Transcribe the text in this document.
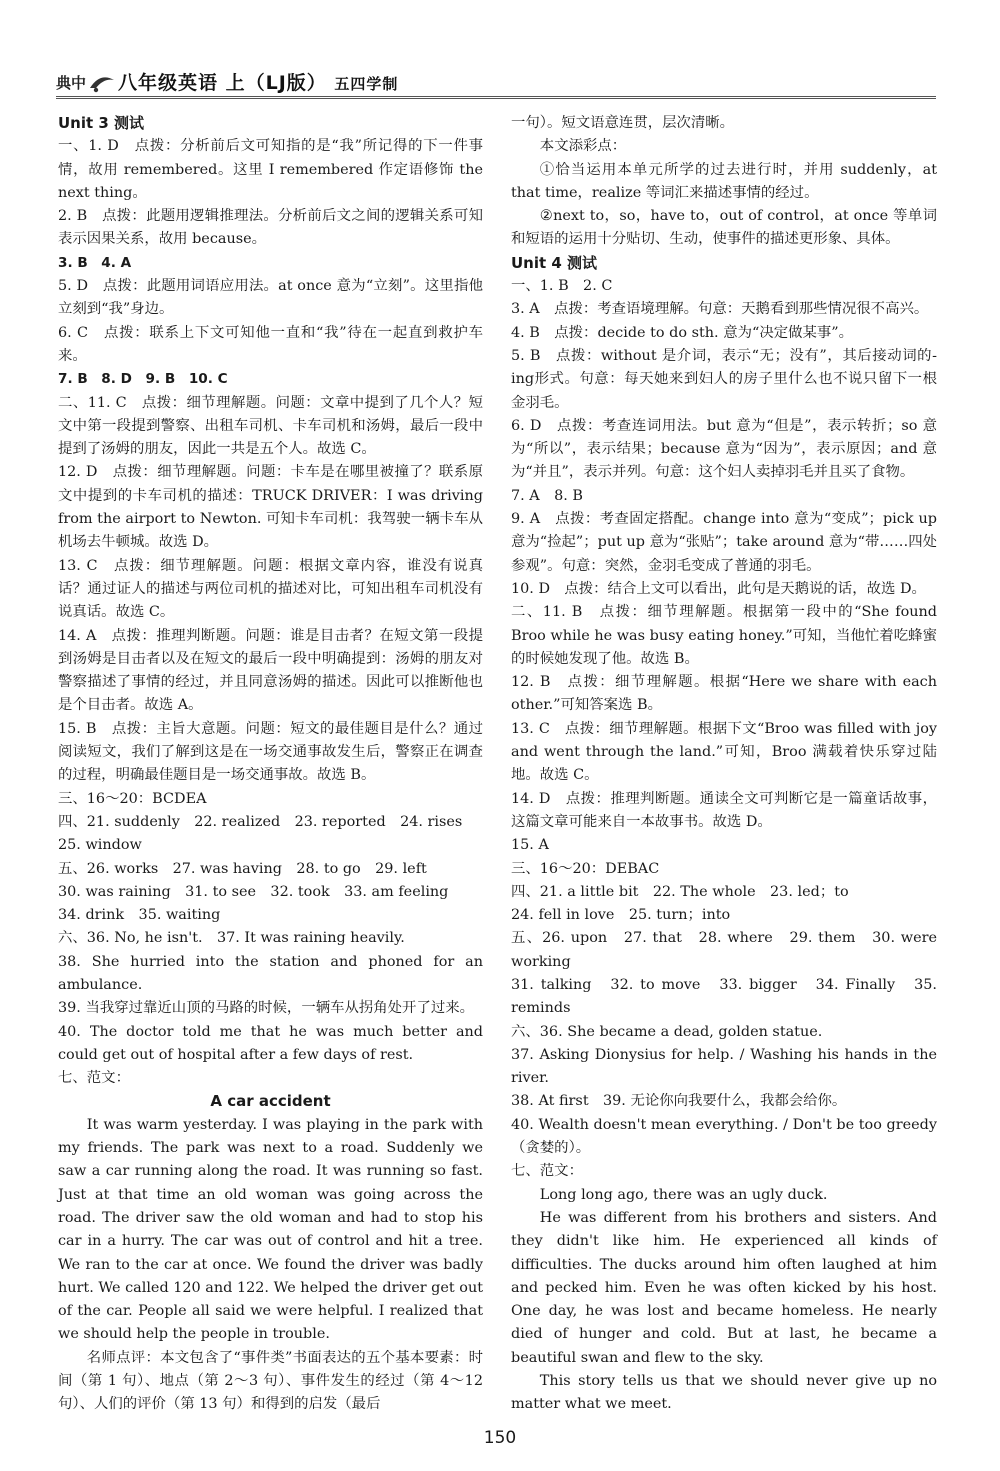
典中 八年级英语 上（LJ版） 五四学制

Unit 3 测试

一、1. D　点拨：分析前后文可知指的是“我”所记得的下一件事情，故用 remembered。这里 I remembered 作定语修饰 the next thing。

2. B　点拨：此题用逻辑推理法。分析前后文之间的逻辑关系可知表示因果关系，故用 because。

3. B　4. A

5. D　点拨：此题用词语应用法。at once 意为“立刻”。这里指他立刻到“我”身边。

6. C　点拨：联系上下文可知他一直和“我”待在一起直到救护车来。

7. B　8. D　9. B　10. C

二、11. C　点拨：细节理解题。问题：文章中提到了几个人？短文中第一段提到警察、出租车司机、卡车司机和汤姆，最后一段中提到了汤姆的朋友，因此一共是五个人。故选 C。

12. D　点拨：细节理解题。问题：卡车是在哪里被撞了？联系原文中提到的卡车司机的描述：TRUCK DRIVER：I was driving from the airport to Newton. 可知卡车司机：我驾驶一辆卡车从机场去牛顿城。故选 D。

13. C　点拨：细节理解题。问题：根据文章内容，谁没有说真话？通过证人的描述与两位司机的描述对比，可知出租车司机没有说真话。故选 C。

14. A　点拨：推理判断题。问题：谁是目击者？在短文第一段提到汤姆是目击者以及在短文的最后一段中明确提到：汤姆的朋友对警察描述了事情的经过，并且同意汤姆的描述。因此可以推断他也是个目击者。故选 A。

15. B　点拨：主旨大意题。问题：短文的最佳题目是什么？通过阅读短文，我们了解到这是在一场交通事故发生后，警察正在调查的过程，明确最佳题目是一场交通事故。故选 B。

三、16～20：BCDEA

四、21. suddenly　22. realized　23. reported　24. rises

25. window

五、26. works　27. was having　28. to go　29. left

30. was raining　31. to see　32. took　33. am feeling

34. drink　35. waiting

六、36. No, he isn't.　37. It was raining heavily.

38. She hurried into the station and phoned for an ambulance.

39. 当我穿过靠近山顶的马路的时候，一辆车从拐角处开了过来。

40. The doctor told me that he was much better and could get out of hospital after a few days of rest.

七、范文：

A car accident

It was warm yesterday. I was playing in the park with my friends. The park was next to a road. Suddenly we saw a car running along the road. It was running so fast. Just at that time an old woman was going across the road. The driver saw the old woman and had to stop his car in a hurry. The car was out of control and hit a tree. We ran to the car at once. We found the driver was badly hurt. We called 120 and 122. We helped the driver get out of the car. People all said we were helpful. I realized that we should help the people in trouble.

名师点评：本文包含了“事件类”书面表达的五个基本要素：时间（第 1 句）、地点（第 2～3 句）、事件发生的经过（第 4～12 句）、人们的评价（第 13 句）和得到的启发（最后

一句）。短文语意连贯，层次清晰。

本文添彩点：

①恰当运用本单元所学的过去进行时，并用 suddenly，at that time，realize 等词汇来描述事情的经过。

②next to，so，have to，out of control，at once 等单词和短语的运用十分贴切、生动，使事件的描述更形象、具体。

Unit 4 测试

一、1. B　2. C

3. A　点拨：考查语境理解。句意：天鹅看到那些情况很不高兴。

4. B　点拨：decide to do sth. 意为“决定做某事”。

5. B　点拨：without 是介词，表示“无；没有”，其后接动词的-ing形式。句意：每天她来到妇人的房子里什么也不说只留下一根金羽毛。

6. D　点拨：考查连词用法。but 意为“但是”，表示转折；so 意为“所以”，表示结果；because 意为“因为”，表示原因；and 意为“并且”，表示并列。句意：这个妇人卖掉羽毛并且买了食物。

7. A　8. B

9. A　点拨：考查固定搭配。change into 意为“变成”；pick up 意为“捡起”；put up 意为“张贴”；take around 意为“带……四处参观”。句意：突然，金羽毛变成了普通的羽毛。

10. D　点拨：结合上文可以看出，此句是天鹅说的话，故选 D。

二、11. B　点拨：细节理解题。根据第一段中的“She found Broo while he was busy eating honey.”可知，当他忙着吃蜂蜜的时候她发现了他。故选 B。

12. B　点拨：细节理解题。根据“Here we share with each other.”可知答案选 B。

13. C　点拨：细节理解题。根据下文“Broo was filled with joy and went through the land.”可知，Broo 满载着快乐穿过陆地。故选 C。

14. D　点拨：推理判断题。通读全文可判断它是一篇童话故事，这篇文章可能来自一本故事书。故选 D。

15. A

三、16～20：DEBAC

四、21. a little bit　22. The whole　23. led；to

24. fell in love　25. turn；into

五、26. upon　27. that　28. where　29. them　30. were working

31. talking　32. to move　33. bigger　34. Finally　35. reminds

六、36. She became a dead, golden statue.

37. Asking Dionysius for help. / Washing his hands in the river.

38. At first　39. 无论你向我要什么，我都会给你。

40. Wealth doesn't mean everything. / Don't be too greedy（贪婪的）。

七、范文：

Long long ago, there was an ugly duck.

He was different from his brothers and sisters. And they didn't like him. He experienced all kinds of difficulties. The ducks around him often laughed at him and pecked him. Even he was often kicked by his host. One day, he was lost and became homeless. He nearly died of hunger and cold. But at last, he became a beautiful swan and flew to the sky.

This story tells us that we should never give up no matter what we meet.

150
